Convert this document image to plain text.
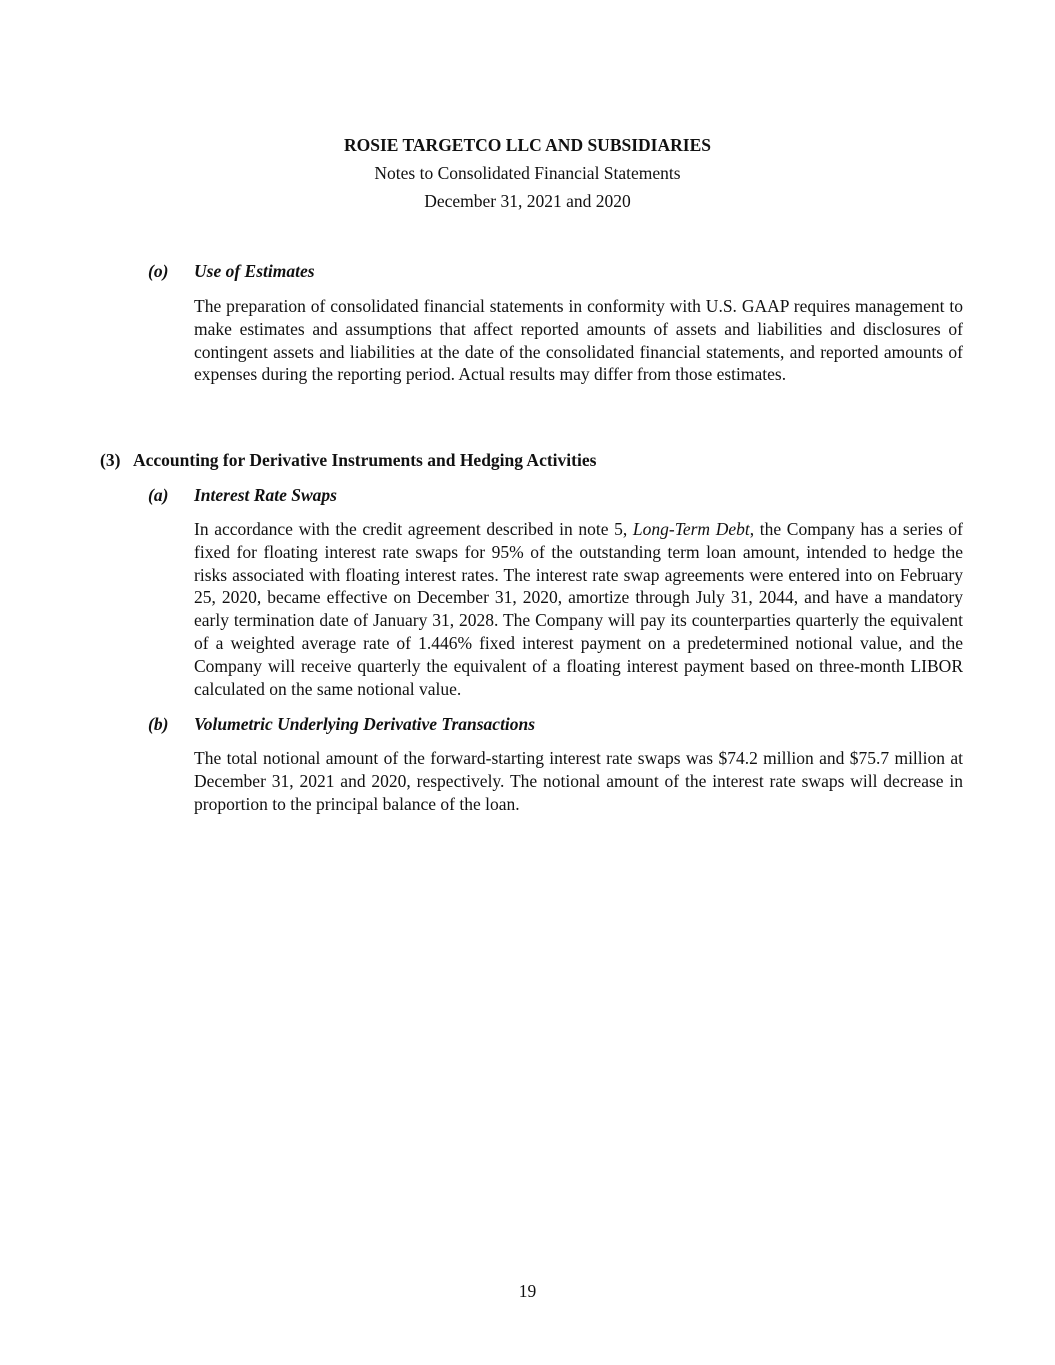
ROSIE TARGETCO LLC AND SUBSIDIARIES
Notes to Consolidated Financial Statements
December 31, 2021 and 2020
(o) Use of Estimates
The preparation of consolidated financial statements in conformity with U.S. GAAP requires management to make estimates and assumptions that affect reported amounts of assets and liabilities and disclosures of contingent assets and liabilities at the date of the consolidated financial statements, and reported amounts of expenses during the reporting period. Actual results may differ from those estimates.
(3) Accounting for Derivative Instruments and Hedging Activities
(a) Interest Rate Swaps
In accordance with the credit agreement described in note 5, Long-Term Debt, the Company has a series of fixed for floating interest rate swaps for 95% of the outstanding term loan amount, intended to hedge the risks associated with floating interest rates. The interest rate swap agreements were entered into on February 25, 2020, became effective on December 31, 2020, amortize through July 31, 2044, and have a mandatory early termination date of January 31, 2028. The Company will pay its counterparties quarterly the equivalent of a weighted average rate of 1.446% fixed interest payment on a predetermined notional value, and the Company will receive quarterly the equivalent of a floating interest payment based on three-month LIBOR calculated on the same notional value.
(b) Volumetric Underlying Derivative Transactions
The total notional amount of the forward-starting interest rate swaps was $74.2 million and $75.7 million at December 31, 2021 and 2020, respectively. The notional amount of the interest rate swaps will decrease in proportion to the principal balance of the loan.
19
